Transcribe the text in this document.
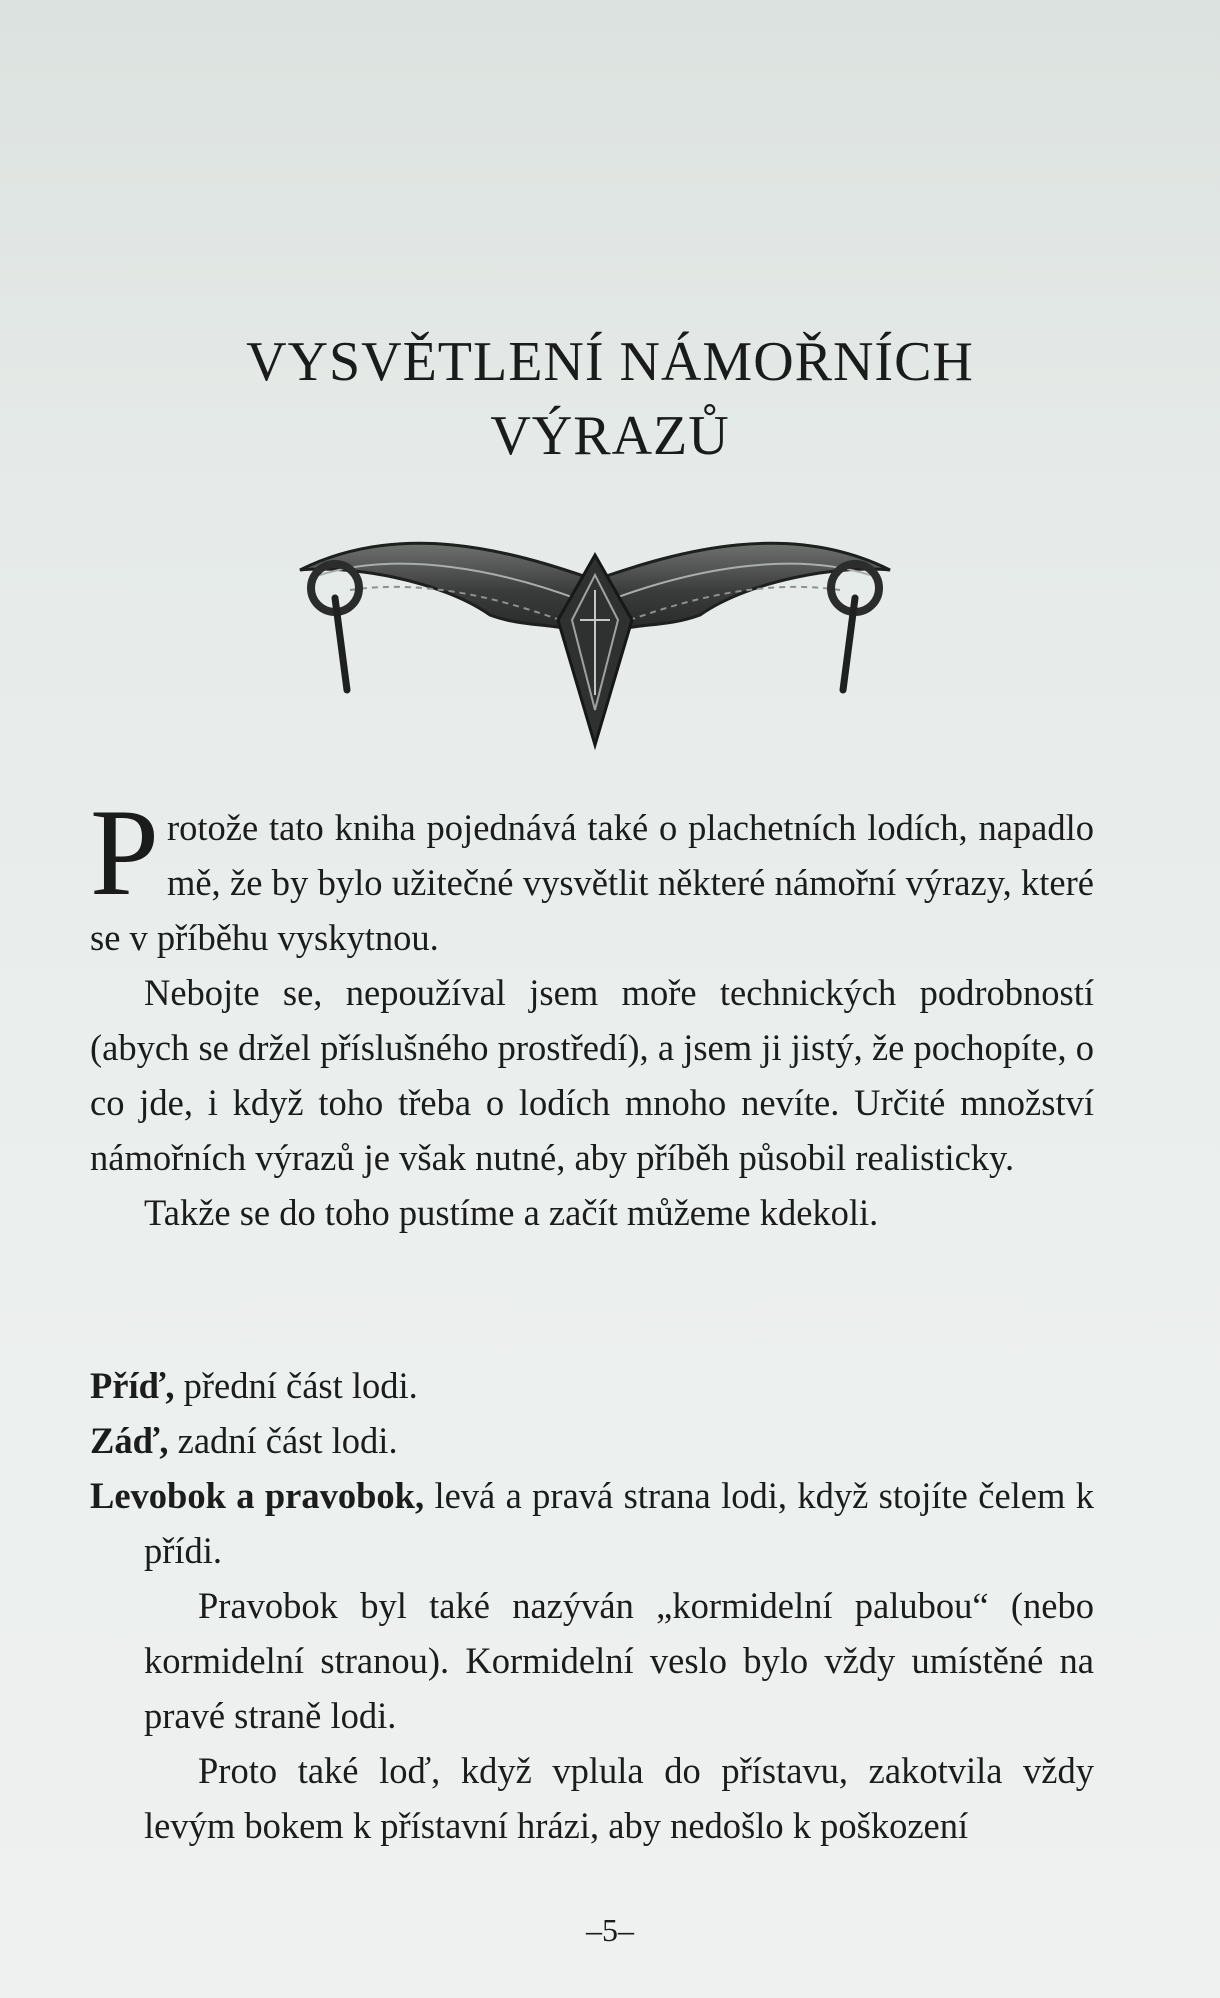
VYSVĚTLENÍ NÁMOŘNÍCH
VÝRAZŮ

Protože tato kniha pojednává také o plachetních lodích, napadlo mě, že by bylo užitečné vysvětlit některé námořní výrazy, které se v příběhu vyskytnou.

Nebojte se, nepoužíval jsem moře technických podrobností (abych se držel příslušného prostředí), a jsem ji jistý, že pochopíte, o co jde, i když toho třeba o lodích mnoho nevíte. Určité množství námořních výrazů je však nutné, aby příběh působil realisticky.

Takže se do toho pustíme a začít můžeme kdekoli.

Příď, přední část lodi.

Záď, zadní část lodi.

Levobok a pravobok, levá a pravá strana lodi, když stojíte čelem k přídi.

Pravobok byl také nazýván „kormidelní palubou“ (nebo kormidelní stranou). Kormidelní veslo bylo vždy umístěné na pravé straně lodi.

Proto také loď, když vplula do přístavu, zakotvila vždy levým bokem k přístavní hrázi, aby nedošlo k poškození

–5–
